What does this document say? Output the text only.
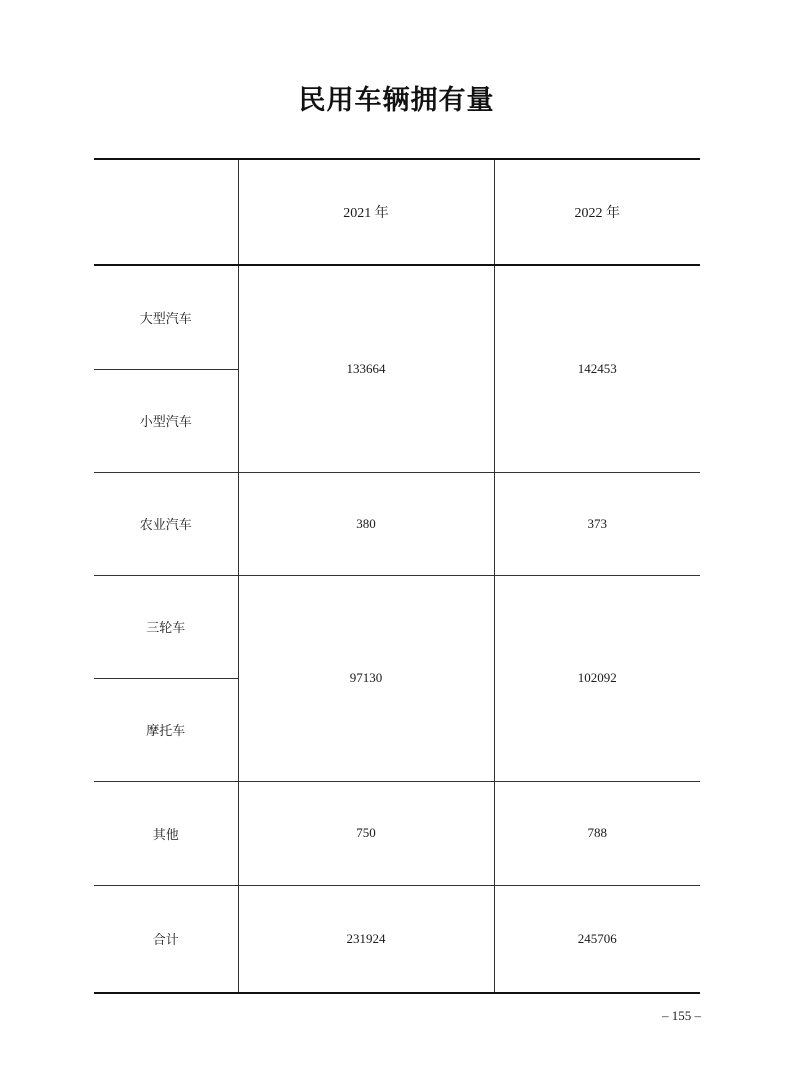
民用车辆拥有量
	2021 年	2022 年
大型汽车	133664	142453
小型汽车		
农业汽车	380	373
三轮车	97130	102092
摩托车		
其他	750	788
合计	231924	245706
– 155 –
